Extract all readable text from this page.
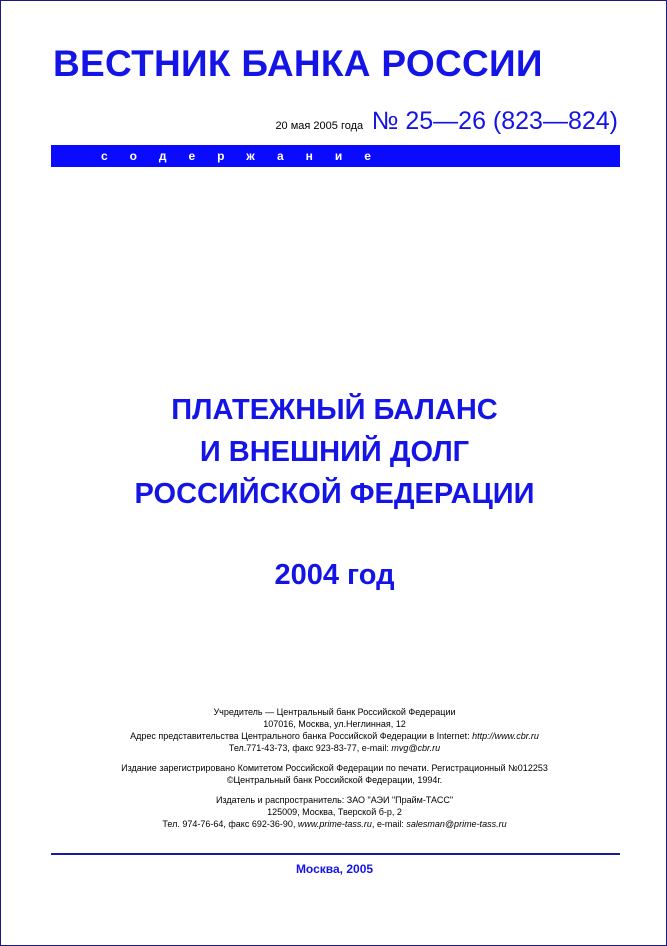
ВЕСТНИК БАНКА РОССИИ
20 мая 2005 года № 25—26 (823—824)
содержание
ПЛАТЕЖНЫЙ БАЛАНС
И ВНЕШНИЙ ДОЛГ
РОССИЙСКОЙ ФЕДЕРАЦИИ
2004 год
Учредитель — Центральный банк Российской Федерации
107016, Москва, ул.Неглинная, 12
Адрес представительства Центрального банка Российской Федерации в Internet: http://www.cbr.ru
Тел.771-43-73, факс 923-83-77, e-mail: mvg@cbr.ru
Издание зарегистрировано Комитетом Российской Федерации по печати. Регистрационный №012253
©Центральный банк Российской Федерации, 1994г.
Издатель и распространитель: ЗАО "АЭИ "Прайм-ТАСС"
125009, Москва, Тверской б-р, 2
Тел. 974-76-64, факс 692-36-90, www.prime-tass.ru, e-mail: salesman@prime-tass.ru
Москва, 2005
